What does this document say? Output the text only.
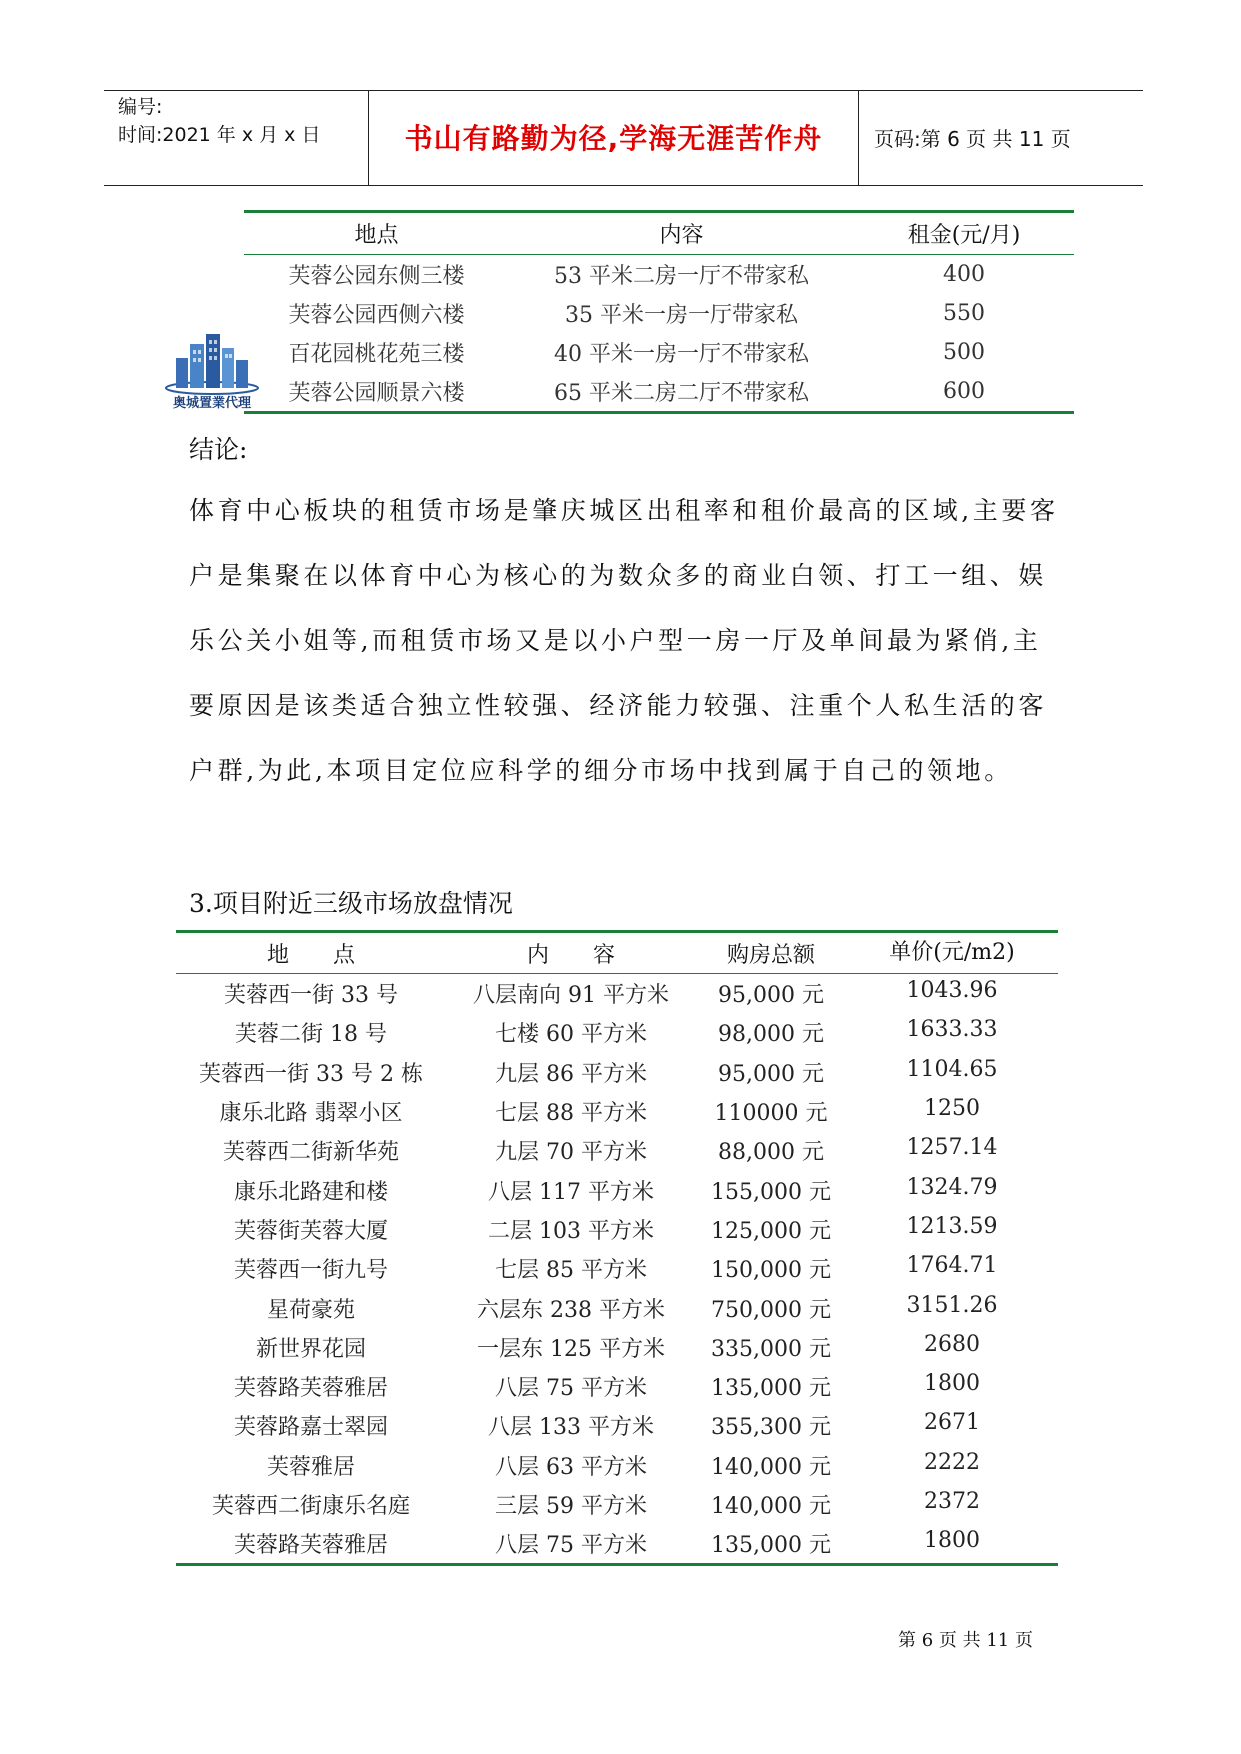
编号:
时间:2021 年 x 月 x 日	书山有路勤为径,学海无涯苦作舟	页码:第 6 页 共 11 页
奥城置業代理
地点	内容	租金(元/月)
芙蓉公园东侧三楼	53 平米二房一厅不带家私	400
芙蓉公园西侧六楼	35 平米一房一厅带家私	550
百花园桃花苑三楼	40 平米一房一厅不带家私	500
芙蓉公园顺景六楼	65 平米二房二厅不带家私	600
结论:
体育中心板块的租赁市场是肇庆城区出租率和租价最高的区域,主要客户是集聚在以体育中心为核心的为数众多的商业白领、打工一组、娱乐公关小姐等,而租赁市场又是以小户型一房一厅及单间最为紧俏,主要原因是该类适合独立性较强、经济能力较强、注重个人私生活的客户群,为此,本项目定位应科学的细分市场中找到属于自己的领地。
3.项目附近三级市场放盘情况
地　　点	内　　容	购房总额	单价(元/m2)
芙蓉西一街 33 号	八层南向 91 平方米	95,000 元	1043.96
芙蓉二街 18 号	七楼 60 平方米	98,000 元	1633.33
芙蓉西一街 33 号 2 栋	九层 86 平方米	95,000 元	1104.65
康乐北路 翡翠小区	七层 88 平方米	110000 元	1250
芙蓉西二街新华苑	九层 70 平方米	88,000 元	1257.14
康乐北路建和楼	八层 117 平方米	155,000 元	1324.79
芙蓉街芙蓉大厦	二层 103 平方米	125,000 元	1213.59
芙蓉西一街九号	七层 85 平方米	150,000 元	1764.71
星荷豪苑	六层东 238 平方米	750,000 元	3151.26
新世界花园	一层东 125 平方米	335,000 元	2680
芙蓉路芙蓉雅居	八层 75 平方米	135,000 元	1800
芙蓉路嘉士翠园	八层 133 平方米	355,300 元	2671
芙蓉雅居	八层 63 平方米	140,000 元	2222
芙蓉西二街康乐名庭	三层 59 平方米	140,000 元	2372
芙蓉路芙蓉雅居	八层 75 平方米	135,000 元	1800
第 6 页 共 11 页
